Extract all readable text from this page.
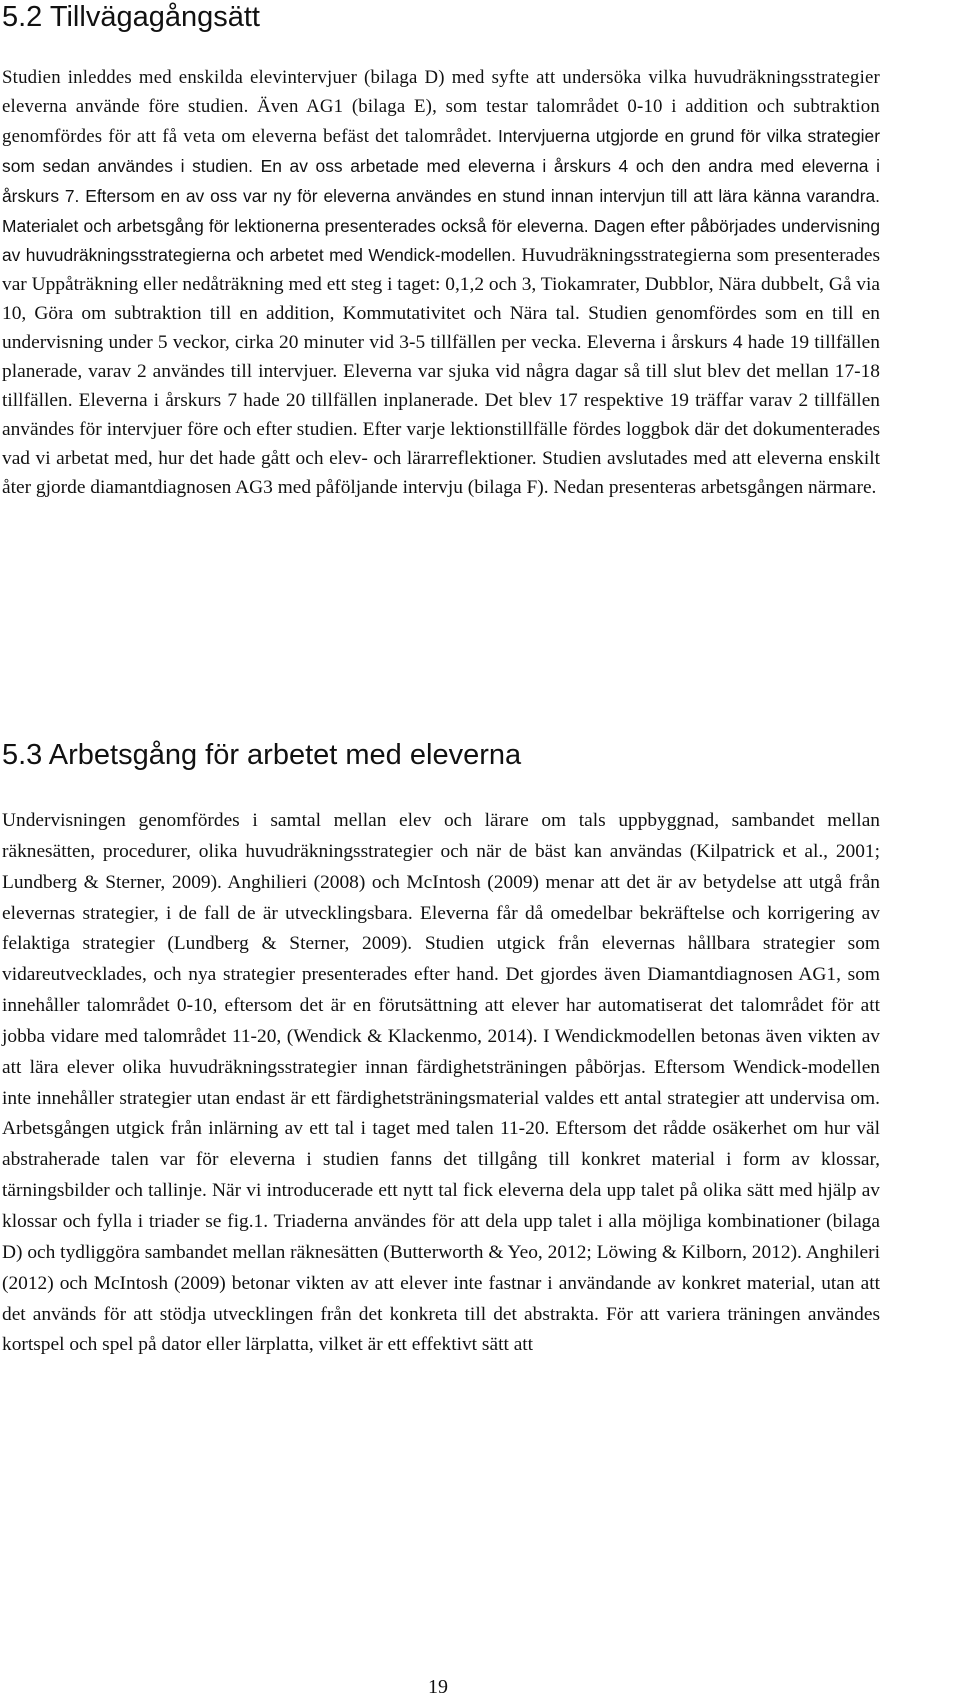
5.2 Tillvägagångsätt

Studien inleddes med enskilda elevintervjuer (bilaga D) med syfte att undersöka vilka huvudräkningsstrategier eleverna använde före studien. Även AG1 (bilaga E), som testar talområdet 0-10 i addition och subtraktion genomfördes för att få veta om eleverna befäst det talområdet. Intervjuerna utgjorde en grund för vilka strategier som sedan användes i studien. En av oss arbetade med eleverna i årskurs 4 och den andra med eleverna i årskurs 7. Eftersom en av oss var ny för eleverna användes en stund innan intervjun till att lära känna varandra. Materialet och arbetsgång för lektionerna presenterades också för eleverna. Dagen efter påbörjades undervisning av huvudräkningsstrategierna och arbetet med Wendick-modellen. Huvudräkningsstrategierna som presenterades var Uppåträkning eller nedåträkning med ett steg i taget: 0,1,2 och 3, Tiokamrater, Dubblor, Nära dubbelt, Gå via 10, Göra om subtraktion till en addition, Kommutativitet och Nära tal. Studien genomfördes som en till en undervisning under 5 veckor, cirka 20 minuter vid 3-5 tillfällen per vecka. Eleverna i årskurs 4 hade 19 tillfällen planerade, varav 2 användes till intervjuer. Eleverna var sjuka vid några dagar så till slut blev det mellan 17-18 tillfällen. Eleverna i årskurs 7 hade 20 tillfällen inplanerade. Det blev 17 respektive 19 träffar varav 2 tillfällen användes för intervjuer före och efter studien. Efter varje lektionstillfälle fördes loggbok där det dokumenterades vad vi arbetat med, hur det hade gått och elev- och lärarreflektioner. Studien avslutades med att eleverna enskilt åter gjorde diamantdiagnosen AG3 med påföljande intervju (bilaga F). Nedan presenteras arbetsgången närmare.

5.3 Arbetsgång för arbetet med eleverna

Undervisningen genomfördes i samtal mellan elev och lärare om tals uppbyggnad, sambandet mellan räknesätten, procedurer, olika huvudräkningsstrategier och när de bäst kan användas (Kilpatrick et al., 2001; Lundberg & Sterner, 2009). Anghilieri (2008) och McIntosh (2009) menar att det är av betydelse att utgå från elevernas strategier, i de fall de är utvecklingsbara. Eleverna får då omedelbar bekräftelse och korrigering av felaktiga strategier (Lundberg & Sterner, 2009). Studien utgick från elevernas hållbara strategier som vidareutvecklades, och nya strategier presenterades efter hand. Det gjordes även Diamantdiagnosen AG1, som innehåller talområdet 0-10, eftersom det är en förutsättning att elever har automatiserat det talområdet för att jobba vidare med talområdet 11-20, (Wendick & Klackenmo, 2014). I Wendickmodellen betonas även vikten av att lära elever olika huvudräkningsstrategier innan färdighetsträningen påbörjas. Eftersom Wendick-modellen inte innehåller strategier utan endast är ett färdighetsträningsmaterial valdes ett antal strategier att undervisa om. Arbetsgången utgick från inlärning av ett tal i taget med talen 11-20. Eftersom det rådde osäkerhet om hur väl abstraherade talen var för eleverna i studien fanns det tillgång till konkret material i form av klossar, tärningsbilder och tallinje. När vi introducerade ett nytt tal fick eleverna dela upp talet på olika sätt med hjälp av klossar och fylla i triader se fig.1. Triaderna användes för att dela upp talet i alla möjliga kombinationer (bilaga D) och tydliggöra sambandet mellan räknesätten (Butterworth & Yeo, 2012; Löwing & Kilborn, 2012). Anghileri (2012) och McIntosh (2009) betonar vikten av att elever inte fastnar i användande av konkret material, utan att det används för att stödja utvecklingen från det konkreta till det abstrakta. För att variera träningen användes kortspel och spel på dator eller lärplatta, vilket är ett effektivt sätt att

19
